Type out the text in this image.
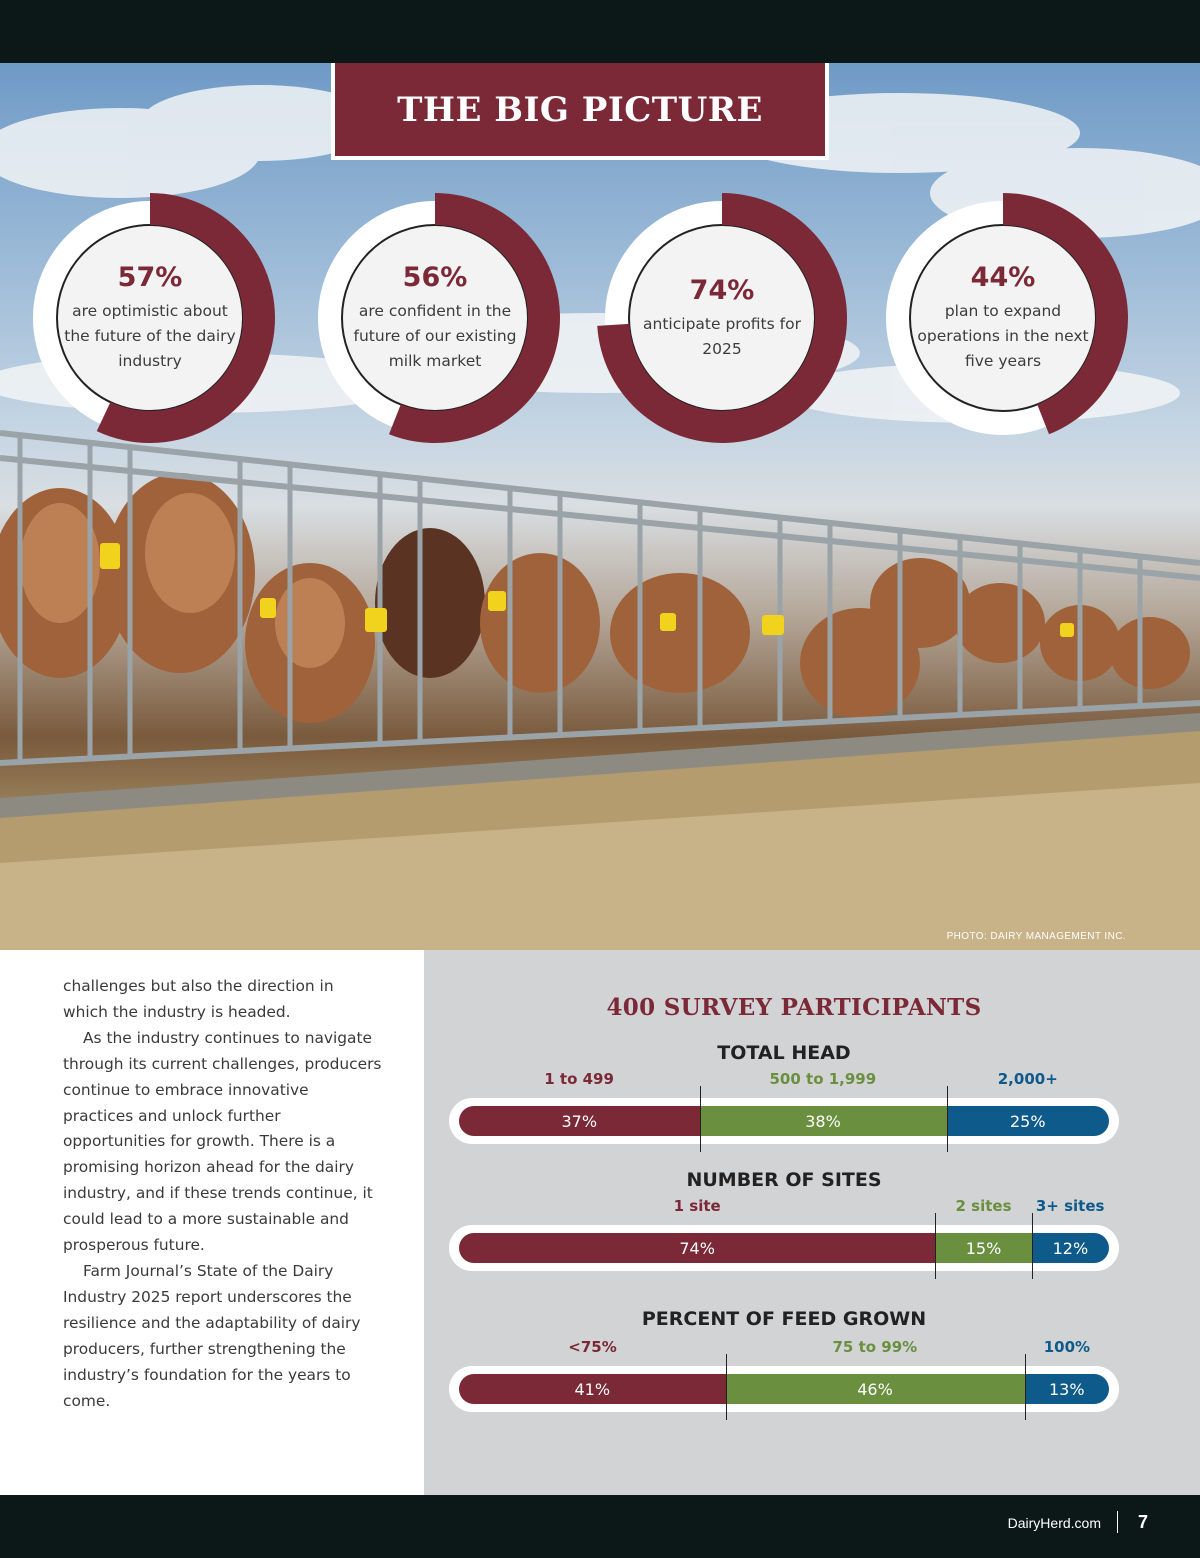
PHOTO: DAIRY MANAGEMENT INC.
THE BIG PICTURE
57%
are optimistic about the future of the dairy industry
56%
are confident in the future of our existing milk market
74%
anticipate profits for 2025
44%
plan to expand operations in the next five years

challenges but also the direction in which the industry is headed.

As the industry continues to navigate through its current challenges, producers continue to embrace innovative practices and unlock further opportunities for growth. There is a promising horizon ahead for the dairy industry, and if these trends continue, it could lead to a more sustainable and prosperous future.

Farm Journal’s State of the Dairy Industry 2025 report underscores the resilience and the adaptability of dairy producers, further strengthening the industry’s foundation for the years to come.

400 SURVEY PARTICIPANTS
TOTAL HEAD
NUMBER OF SITES
PERCENT OF FEED GROWN
37%	38%	25%
1 to 499	500 to 1,999	2,000+
74%	15%	12%
1 site	2 sites 3+ sites
41%	46%	13%
<75%	75 to 99%	100%
DairyHerd.com 7
